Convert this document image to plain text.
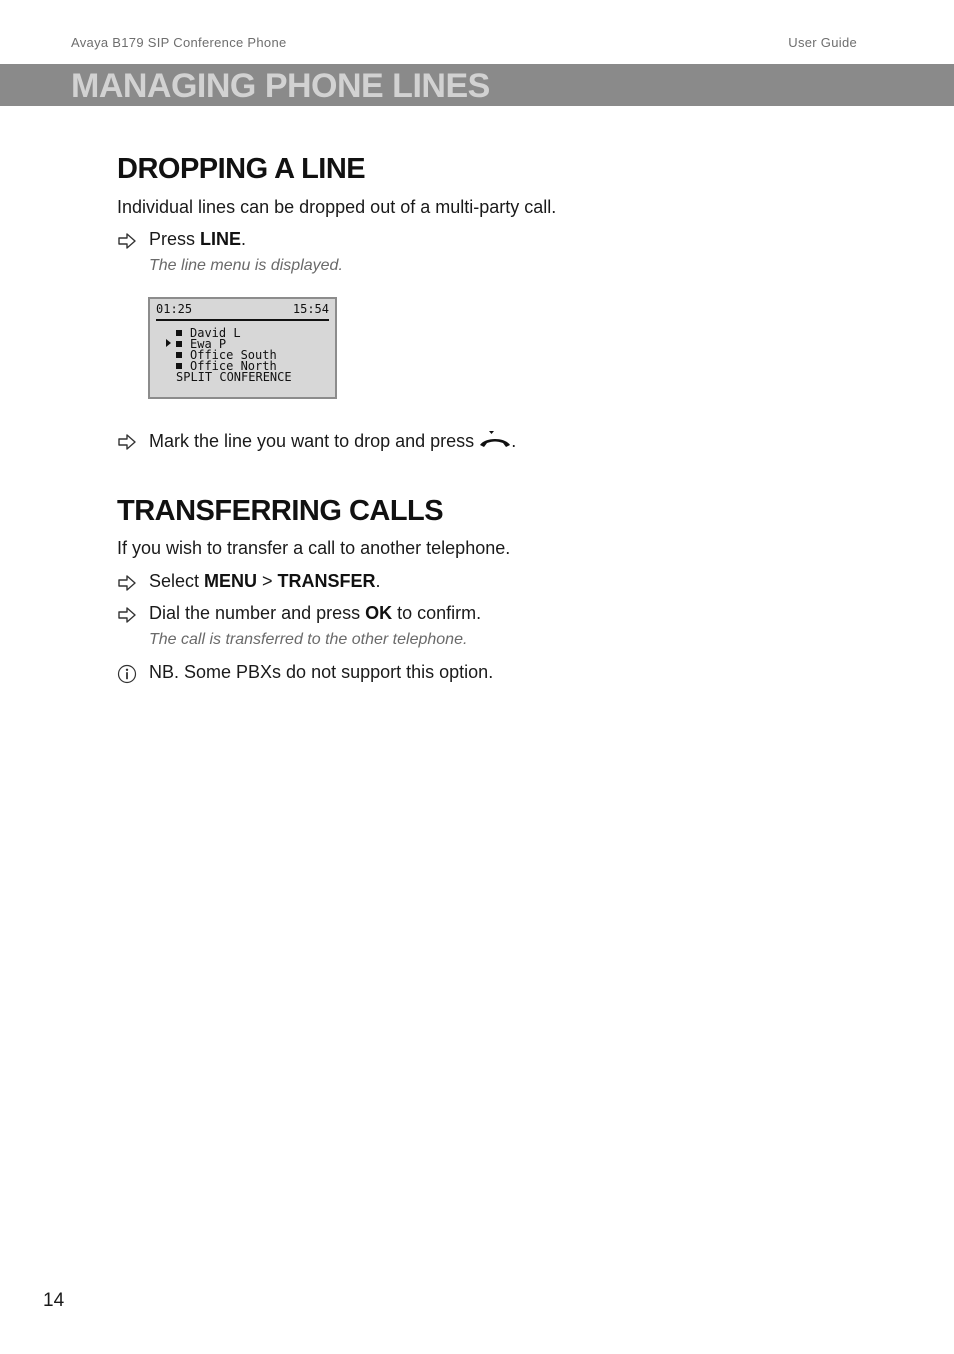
Avaya B179 SIP Conference Phone	User Guide
MANAGING PHONE LINES
DROPPING A LINE
Individual lines can be dropped out of a multi-party call.
Press LINE.
The line menu is displayed.
01:25	15:54
David L
Ewa P
Office South
Office North
SPLIT CONFERENCE
Mark the line you want to drop and press .
TRANSFERRING CALLS
If you wish to transfer a call to another telephone.
Select MENU > TRANSFER.
Dial the number and press OK to confirm.
The call is transferred to the other telephone.
NB. Some PBXs do not support this option.
14
